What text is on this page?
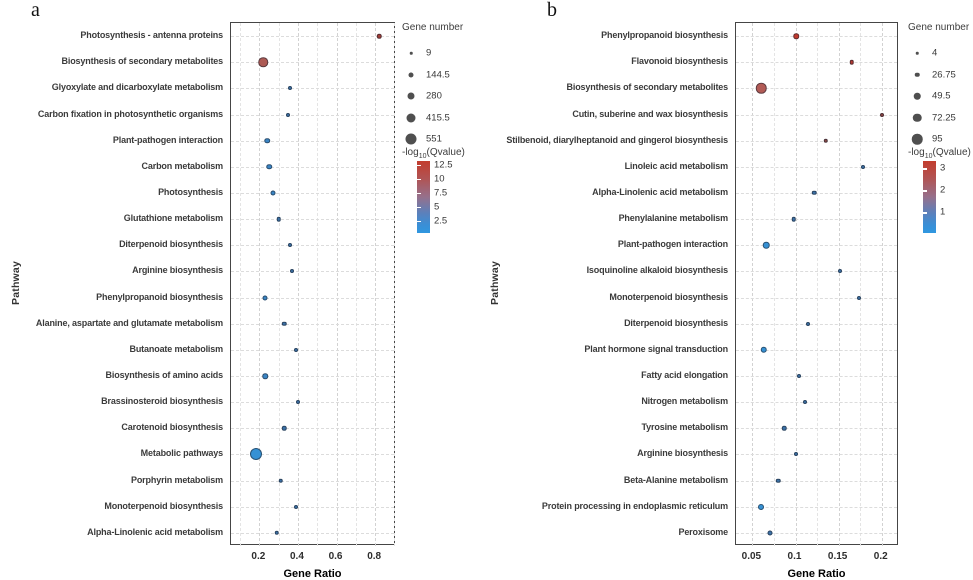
a
Pathway
Gene Ratio
Gene number
$-\log_{10}(Qvalue)$
Photosynthesis - antenna proteins
Biosynthesis of secondary metabolites
Glyoxylate and dicarboxylate metabolism
Carbon fixation in photosynthetic organisms
Plant-pathogen interaction
Carbon metabolism
Photosynthesis
Glutathione metabolism
Diterpenoid biosynthesis
Arginine biosynthesis
Phenylpropanoid biosynthesis
Alanine, aspartate and glutamate metabolism
Butanoate metabolism
Biosynthesis of amino acids
Brassinosteroid biosynthesis
Carotenoid biosynthesis
Metabolic pathways
Porphyrin metabolism
Monoterpenoid biosynthesis
Alpha-Linolenic acid metabolism
0.2 0.4 0.6 0.8
9
144.5
280
415.5
551
12.5
10
7.5
5
2.5
b
Pathway
Gene Ratio
Gene number
$-\log_{10}(Qvalue)$
Phenylpropanoid biosynthesis
Flavonoid biosynthesis
Biosynthesis of secondary metabolites
Cutin, suberine and wax biosynthesis
Stilbenoid, diarylheptanoid and gingerol biosynthesis
Linoleic acid metabolism
Alpha-Linolenic acid metabolism
Phenylalanine metabolism
Plant-pathogen interaction
Isoquinoline alkaloid biosynthesis
Monoterpenoid biosynthesis
Diterpenoid biosynthesis
Plant hormone signal transduction
Fatty acid elongation
Nitrogen metabolism
Tyrosine metabolism
Arginine biosynthesis
Beta-Alanine metabolism
Protein processing in endoplasmic reticulum
Peroxisome
0.05	0.1	0.15	0.2
4
26.75
49.5
72.25
95
3
2
1
